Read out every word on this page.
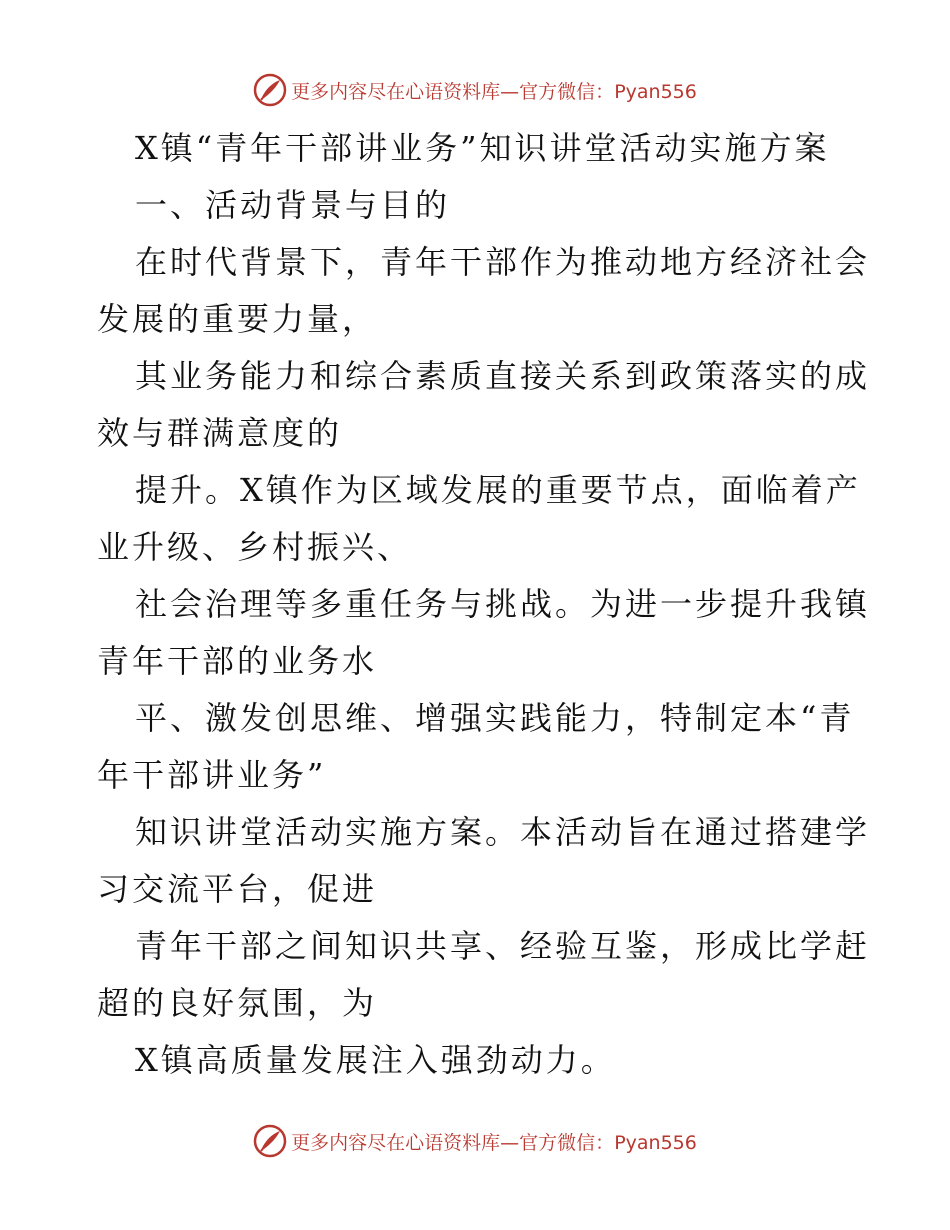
更多内容尽在心语资料库—官方微信：Pyan556
X镇“青年干部讲业务”知识讲堂活动实施方案
一、活动背景与目的
在时代背景下，青年干部作为推动地方经济社会
发展的重要力量，
其业务能力和综合素质直接关系到政策落实的成
效与群满意度的
提升。X镇作为区域发展的重要节点，面临着产
业升级、乡村振兴、
社会治理等多重任务与挑战。为进一步提升我镇
青年干部的业务水
平、激发创思维、增强实践能力，特制定本“青
年干部讲业务”
知识讲堂活动实施方案。本活动旨在通过搭建学
习交流平台，促进
青年干部之间知识共享、经验互鉴，形成比学赶
超的良好氛围，为
X镇高质量发展注入强劲动力。
更多内容尽在心语资料库—官方微信：Pyan556
